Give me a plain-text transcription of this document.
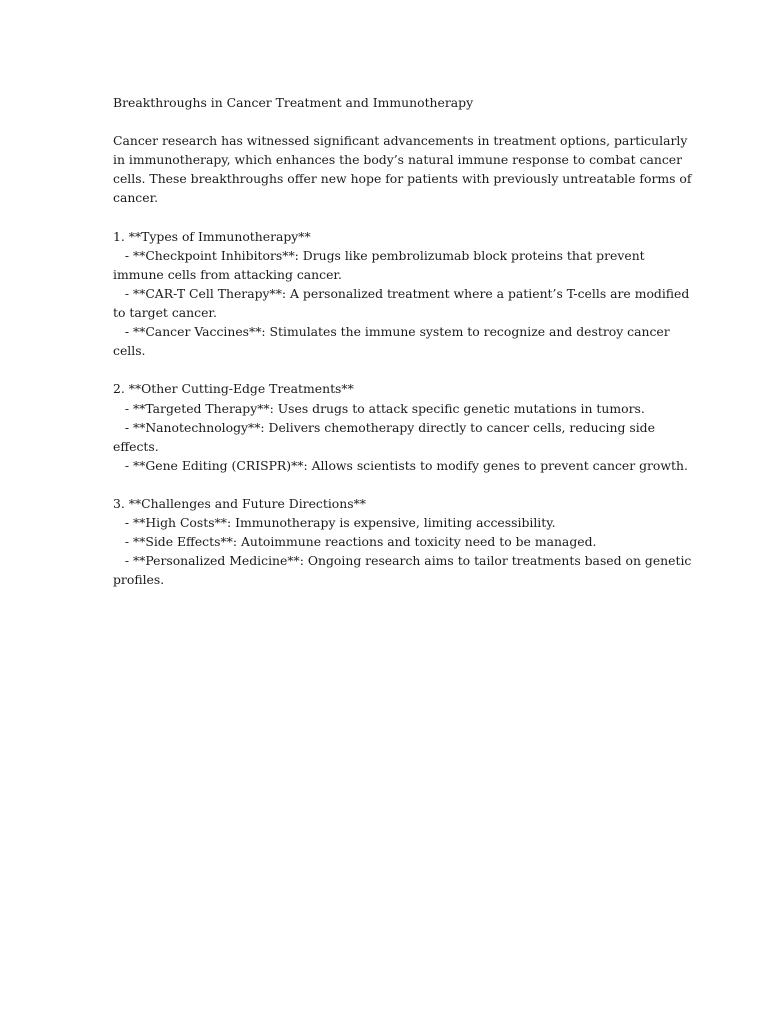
Breakthroughs in Cancer Treatment and Immunotherapy

Cancer research has witnessed significant advancements in treatment options, particularly

in immunotherapy, which enhances the body’s natural immune response to combat cancer

cells. These breakthroughs offer new hope for patients with previously untreatable forms of

cancer.

1. **Types of Immunotherapy**

- **Checkpoint Inhibitors**: Drugs like pembrolizumab block proteins that prevent

immune cells from attacking cancer.

- **CAR-T Cell Therapy**: A personalized treatment where a patient’s T-cells are modified

to target cancer.

- **Cancer Vaccines**: Stimulates the immune system to recognize and destroy cancer

cells.

2. **Other Cutting-Edge Treatments**

- **Targeted Therapy**: Uses drugs to attack specific genetic mutations in tumors.

- **Nanotechnology**: Delivers chemotherapy directly to cancer cells, reducing side

effects.

- **Gene Editing (CRISPR)**: Allows scientists to modify genes to prevent cancer growth.

3. **Challenges and Future Directions**

- **High Costs**: Immunotherapy is expensive, limiting accessibility.

- **Side Effects**: Autoimmune reactions and toxicity need to be managed.

- **Personalized Medicine**: Ongoing research aims to tailor treatments based on genetic

profiles.
